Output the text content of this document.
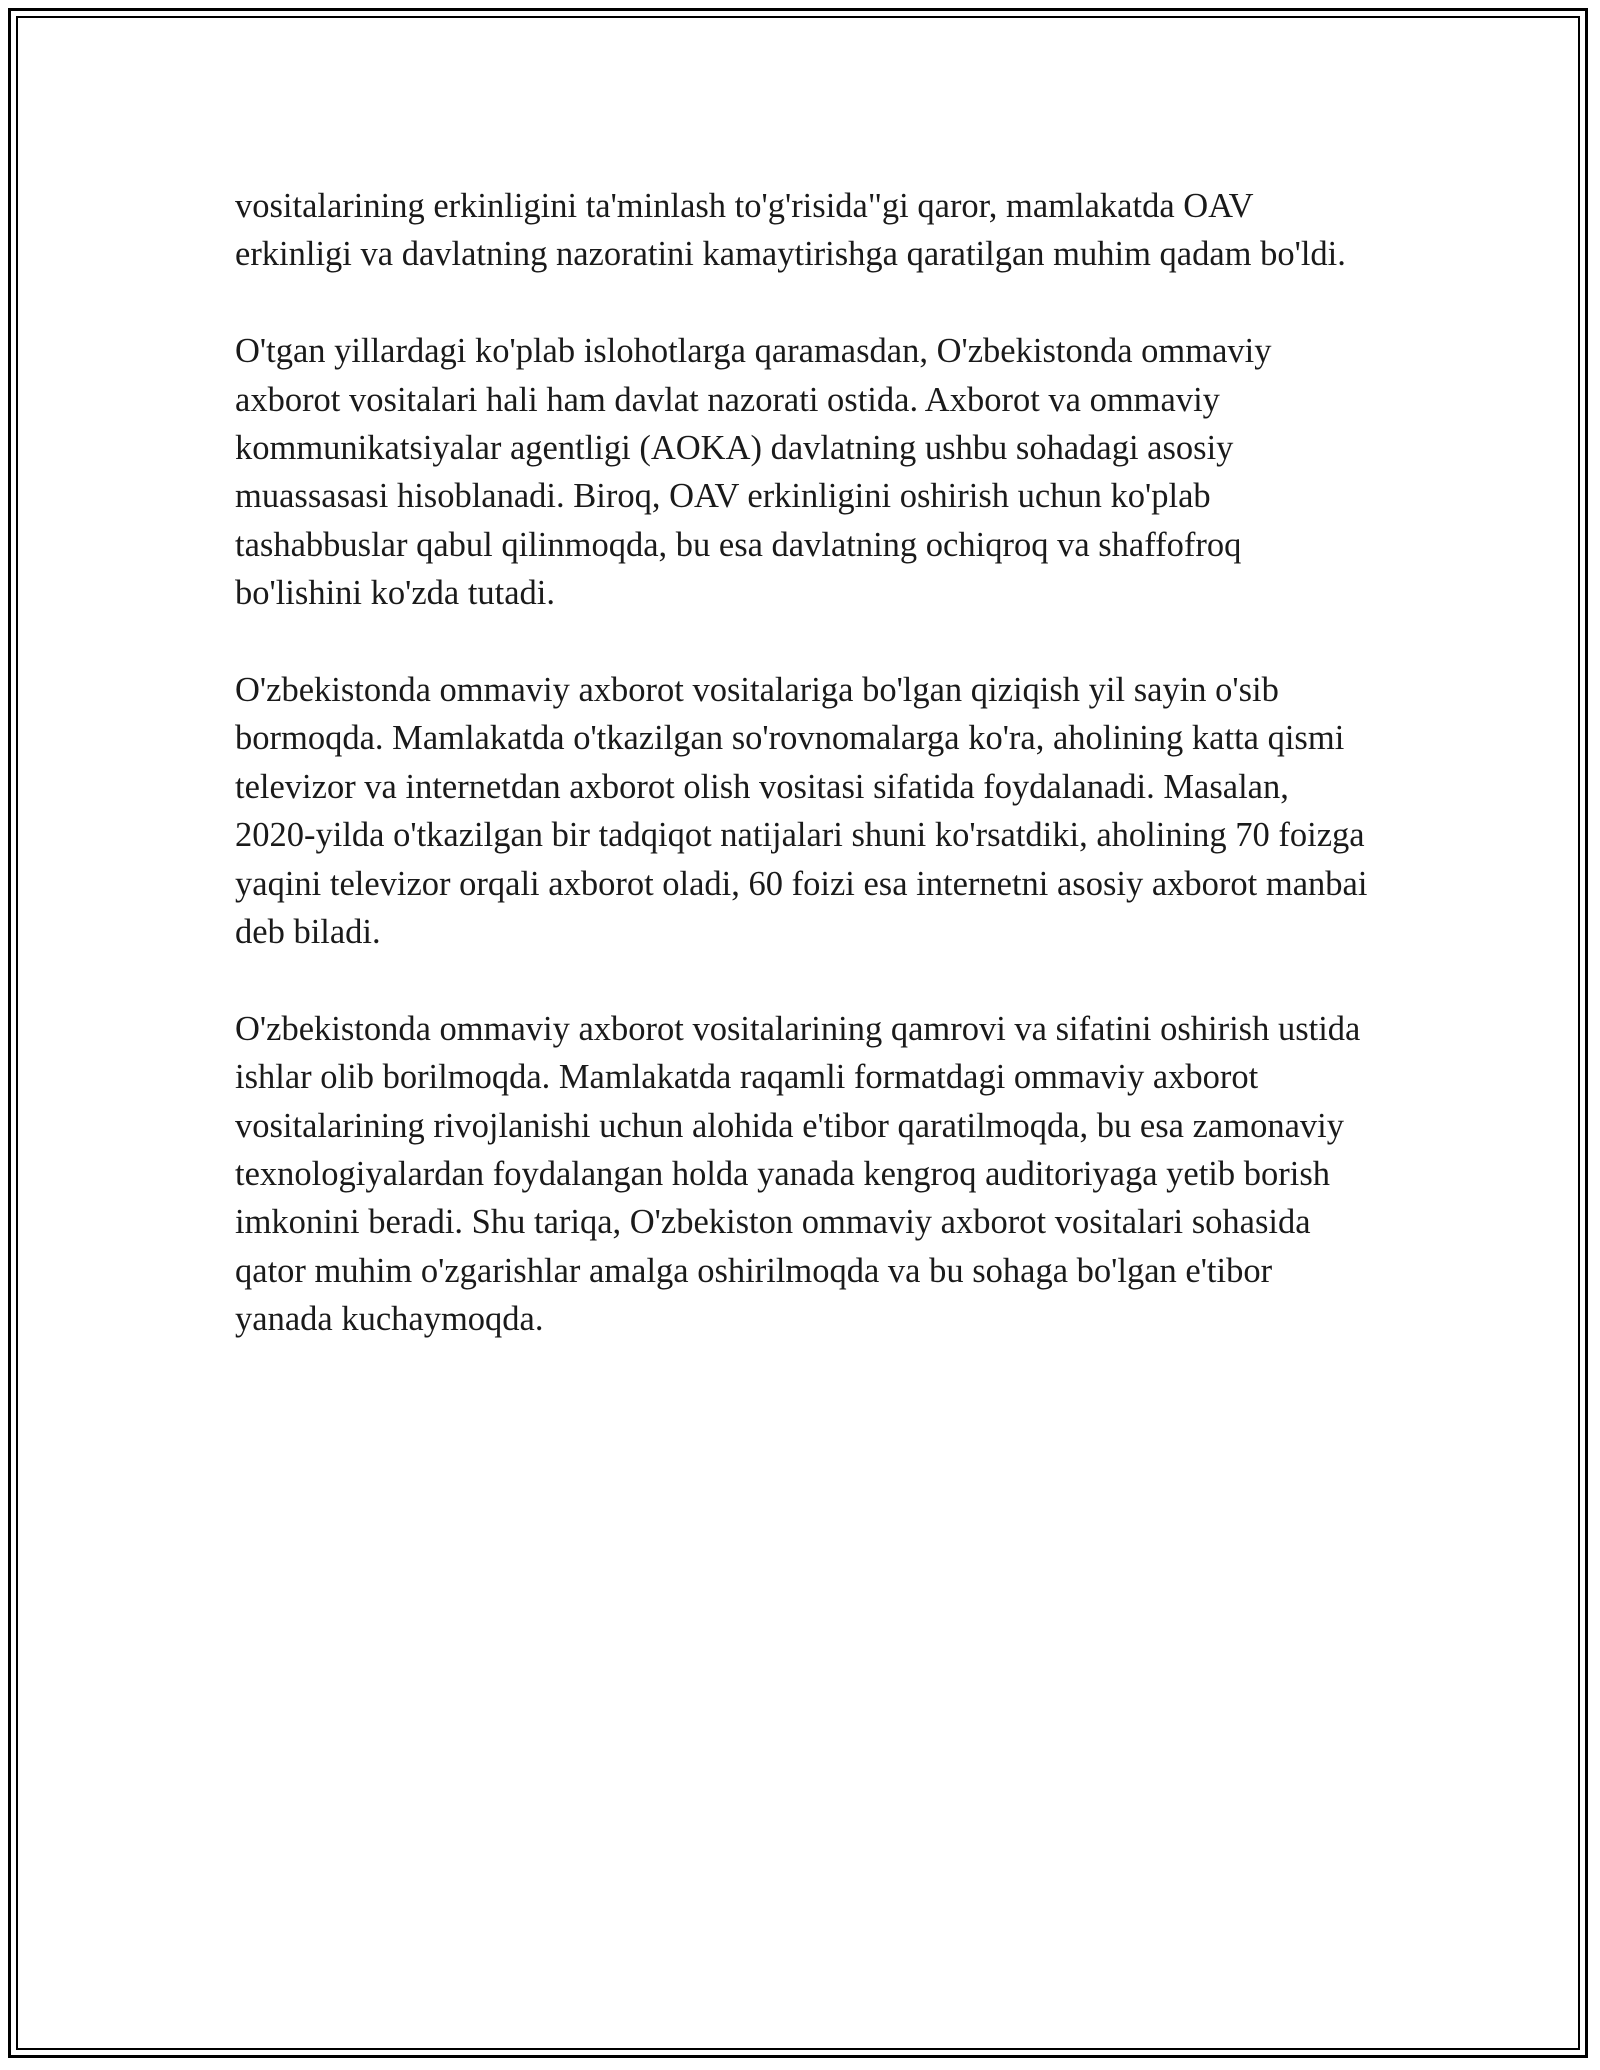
vositalarining erkinligini ta'minlash to'g'risida"gi qaror, mamlakatda OAV erkinligi va davlatning nazoratini kamaytirishga qaratilgan muhim qadam bo'ldi.

O'tgan yillardagi ko'plab islohotlarga qaramasdan, O'zbekistonda ommaviy axborot vositalari hali ham davlat nazorati ostida. Axborot va ommaviy kommunikatsiyalar agentligi (AOKA) davlatning ushbu sohadagi asosiy muassasasi hisoblanadi. Biroq, OAV erkinligini oshirish uchun ko'plab tashabbuslar qabul qilinmoqda, bu esa davlatning ochiqroq va shaffofroq bo'lishini ko'zda tutadi.

O'zbekistonda ommaviy axborot vositalariga bo'lgan qiziqish yil sayin o'sib bormoqda. Mamlakatda o'tkazilgan so'rovnomalarga ko'ra, aholining katta qismi televizor va internetdan axborot olish vositasi sifatida foydalanadi. Masalan, 2020-yilda o'tkazilgan bir tadqiqot natijalari shuni ko'rsatdiki, aholining 70 foizga yaqini televizor orqali axborot oladi, 60 foizi esa internetni asosiy axborot manbai deb biladi.

O'zbekistonda ommaviy axborot vositalarining qamrovi va sifatini oshirish ustida ishlar olib borilmoqda. Mamlakatda raqamli formatdagi ommaviy axborot vositalarining rivojlanishi uchun alohida e'tibor qaratilmoqda, bu esa zamonaviy texnologiyalardan foydalangan holda yanada kengroq auditoriyaga yetib borish imkonini beradi. Shu tariqa, O'zbekiston ommaviy axborot vositalari sohasida qator muhim o'zgarishlar amalga oshirilmoqda va bu sohaga bo'lgan e'tibor yanada kuchaymoqda.
